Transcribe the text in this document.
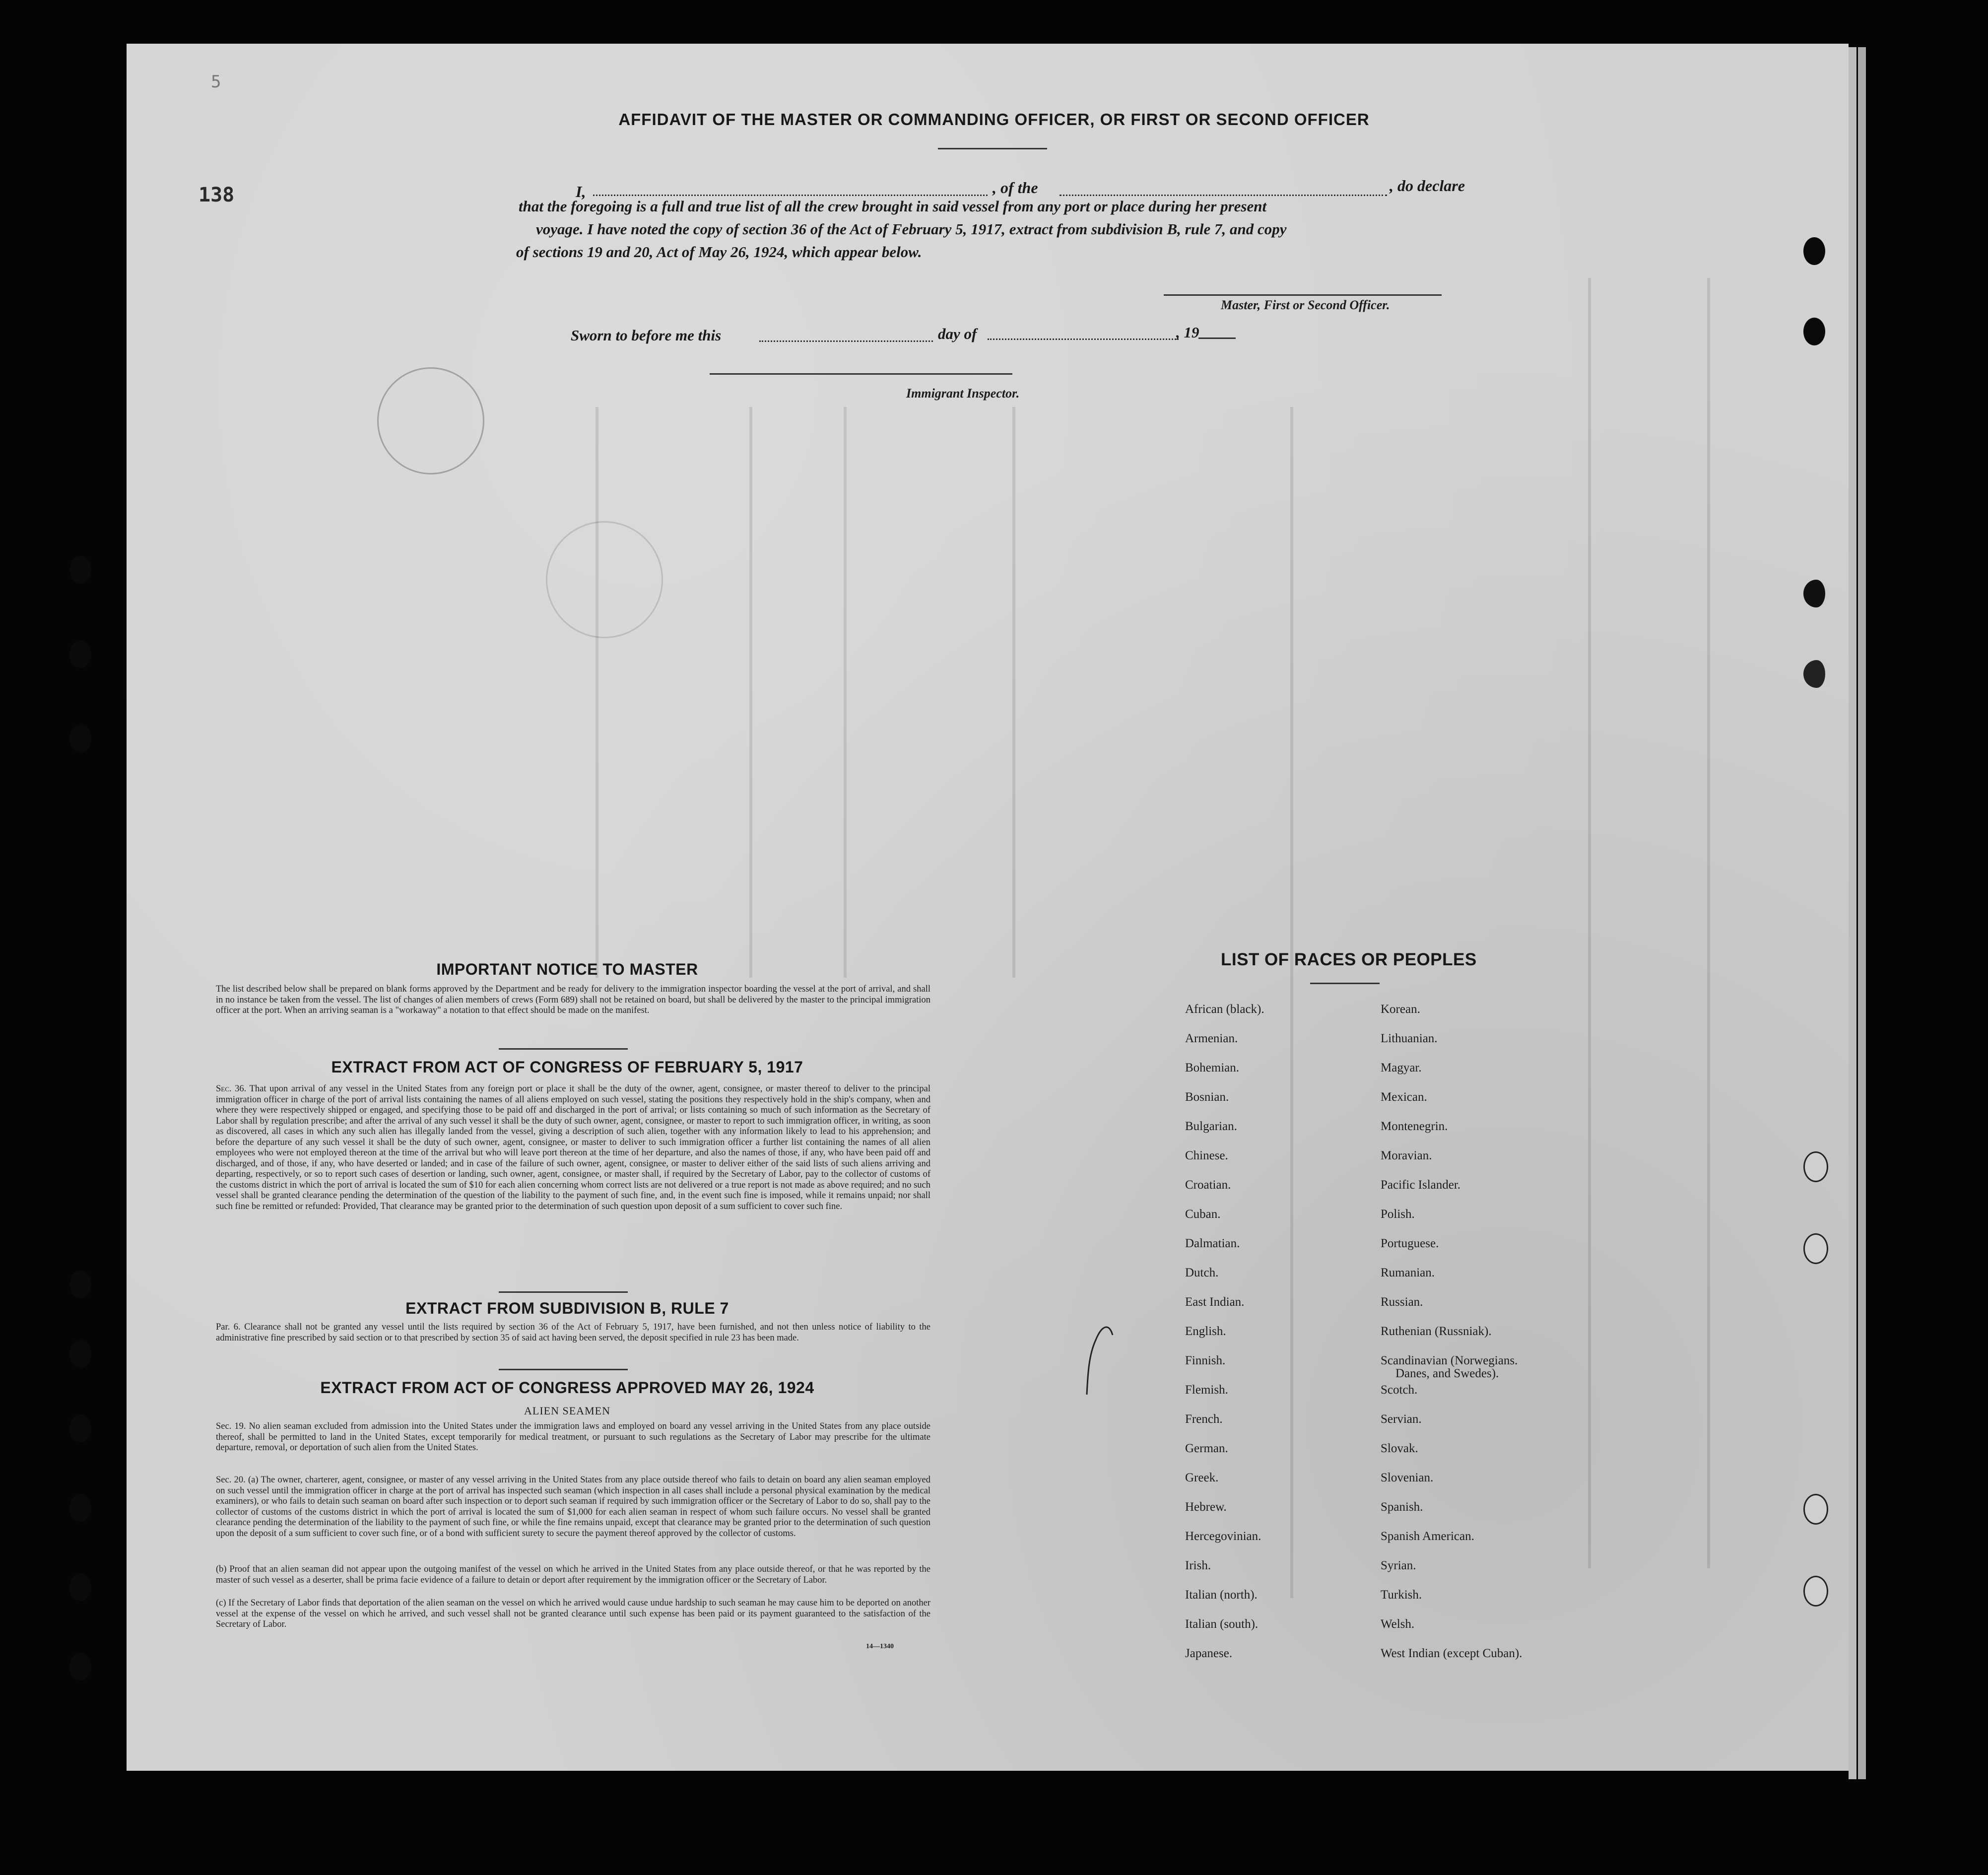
5
138
AFFIDAVIT OF THE MASTER OR COMMANDING OFFICER, OR FIRST OR SECOND OFFICER
I,	, of the	, do declare
that the foregoing is a full and true list of all the crew brought in said vessel from any port or place during her present
voyage. I have noted the copy of section 36 of the Act of February 5, 1917, extract from subdivision B, rule 7, and copy
of sections 19 and 20, Act of May 26, 1924, which appear below.
Master, First or Second Officer.
Sworn to before me this	day of	, 19
Immigrant Inspector.
IMPORTANT NOTICE TO MASTER
The list described below shall be prepared on blank forms approved by the Department and be ready for delivery to the immigration inspector boarding the vessel at the port of arrival, and shall in no instance be taken from the vessel. The list of changes of alien members of crews (Form 689) shall not be retained on board, but shall be delivered by the master to the principal immigration officer at the port. When an arriving seaman is a "workaway" a notation to that effect should be made on the manifest.
EXTRACT FROM ACT OF CONGRESS OF FEBRUARY 5, 1917
Sec. 36. That upon arrival of any vessel in the United States from any foreign port or place it shall be the duty of the owner, agent, consignee, or master thereof to deliver to the principal immigration officer in charge of the port of arrival lists containing the names of all aliens employed on such vessel, stating the positions they respectively hold in the ship's company, when and where they were respectively shipped or engaged, and specifying those to be paid off and discharged in the port of arrival; or lists containing so much of such information as the Secretary of Labor shall by regulation prescribe; and after the arrival of any such vessel it shall be the duty of such owner, agent, consignee, or master to report to such immigration officer, in writing, as soon as discovered, all cases in which any such alien has illegally landed from the vessel, giving a description of such alien, together with any information likely to lead to his apprehension; and before the departure of any such vessel it shall be the duty of such owner, agent, consignee, or master to deliver to such immigration officer a further list containing the names of all alien employees who were not employed thereon at the time of the arrival but who will leave port thereon at the time of her departure, and also the names of those, if any, who have been paid off and discharged, and of those, if any, who have deserted or landed; and in case of the failure of such owner, agent, consignee, or master to deliver either of the said lists of such aliens arriving and departing, respectively, or so to report such cases of desertion or landing, such owner, agent, consignee, or master shall, if required by the Secretary of Labor, pay to the collector of customs of the customs district in which the port of arrival is located the sum of $10 for each alien concerning whom correct lists are not delivered or a true report is not made as above required; and no such vessel shall be granted clearance pending the determination of the question of the liability to the payment of such fine, and, in the event such fine is imposed, while it remains unpaid; nor shall such fine be remitted or refunded: Provided, That clearance may be granted prior to the determination of such question upon deposit of a sum sufficient to cover such fine.
EXTRACT FROM SUBDIVISION B, RULE 7
Par. 6. Clearance shall not be granted any vessel until the lists required by section 36 of the Act of February 5, 1917, have been furnished, and not then unless notice of liability to the administrative fine prescribed by said section or to that prescribed by section 35 of said act having been served, the deposit specified in rule 23 has been made.
EXTRACT FROM ACT OF CONGRESS APPROVED MAY 26, 1924
ALIEN SEAMEN
Sec. 19. No alien seaman excluded from admission into the United States under the immigration laws and employed on board any vessel arriving in the United States from any place outside thereof, shall be permitted to land in the United States, except temporarily for medical treatment, or pursuant to such regulations as the Secretary of Labor may prescribe for the ultimate departure, removal, or deportation of such alien from the United States.
Sec. 20. (a) The owner, charterer, agent, consignee, or master of any vessel arriving in the United States from any place outside thereof who fails to detain on board any alien seaman employed on such vessel until the immigration officer in charge at the port of arrival has inspected such seaman (which inspection in all cases shall include a personal physical examination by the medical examiners), or who fails to detain such seaman on board after such inspection or to deport such seaman if required by such immigration officer or the Secretary of Labor to do so, shall pay to the collector of customs of the customs district in which the port of arrival is located the sum of $1,000 for each alien seaman in respect of whom such failure occurs. No vessel shall be granted clearance pending the determination of the liability to the payment of such fine, or while the fine remains unpaid, except that clearance may be granted prior to the determination of such question upon the deposit of a sum sufficient to cover such fine, or of a bond with sufficient surety to secure the payment thereof approved by the collector of customs.
(b) Proof that an alien seaman did not appear upon the outgoing manifest of the vessel on which he arrived in the United States from any place outside thereof, or that he was reported by the master of such vessel as a deserter, shall be prima facie evidence of a failure to detain or deport after requirement by the immigration officer or the Secretary of Labor.
(c) If the Secretary of Labor finds that deportation of the alien seaman on the vessel on which he arrived would cause undue hardship to such seaman he may cause him to be deported on another vessel at the expense of the vessel on which he arrived, and such vessel shall not be granted clearance until such expense has been paid or its payment guaranteed to the satisfaction of the Secretary of Labor.
14—1340
LIST OF RACES OR PEOPLES
African (black).
Armenian.
Bohemian.
Bosnian.
Bulgarian.
Chinese.
Croatian.
Cuban.
Dalmatian.
Dutch.
East Indian.
English.
Finnish.
Flemish.
French.
German.
Greek.
Hebrew.
Hercegovinian.
Irish.
Italian (north).
Italian (south).
Japanese.
Korean.
Lithuanian.
Magyar.
Mexican.
Montenegrin.
Moravian.
Pacific Islander.
Polish.
Portuguese.
Rumanian.
Russian.
Ruthenian (Russniak).
Scandinavian (Norwegians.
Danes, and Swedes).
Scotch.
Servian.
Slovak.
Slovenian.
Spanish.
Spanish American.
Syrian.
Turkish.
Welsh.
West Indian (except Cuban).
